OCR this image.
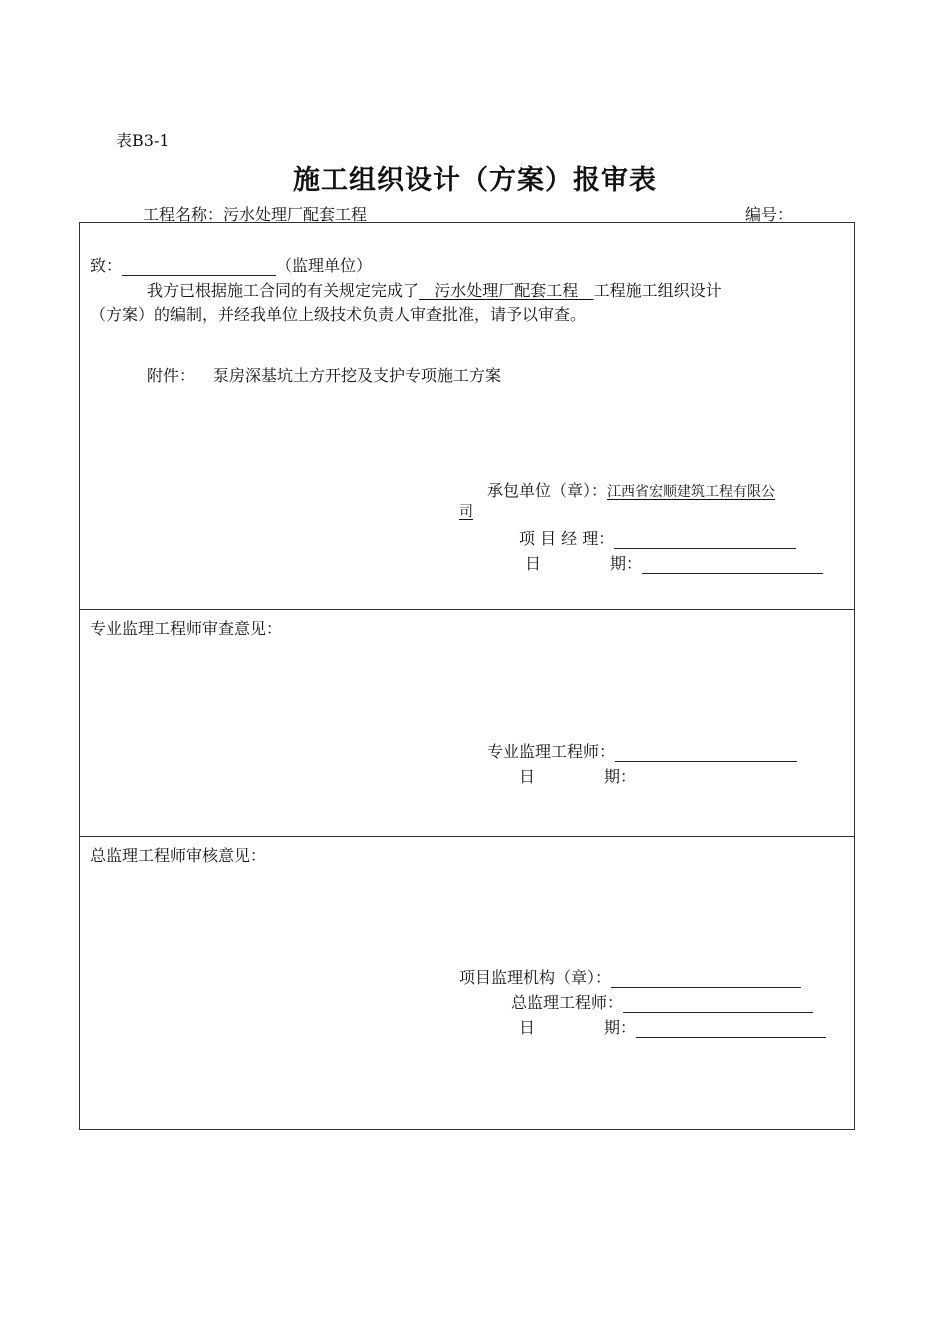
表B3-1
施工组织设计（方案）报审表
工程名称：污水处理厂配套工程	编号：
致：	（监理单位）
我方已根据施工合同的有关规定完成了 污水处理厂配套工程 工程施工组织设计
（方案）的编制，并经我单位上级技术负责人审查批准，请予以审查。
附件： 泵房深基坑土方开挖及支护专项施工方案
承包单位（章）：江西省宏顺建筑工程有限公
司
项 目 经 理：
日	期：
专业监理工程师审查意见：
专业监理工程师：
日	期：
总监理工程师审核意见：
项目监理机构（章）：
总监理工程师：
日	期：
